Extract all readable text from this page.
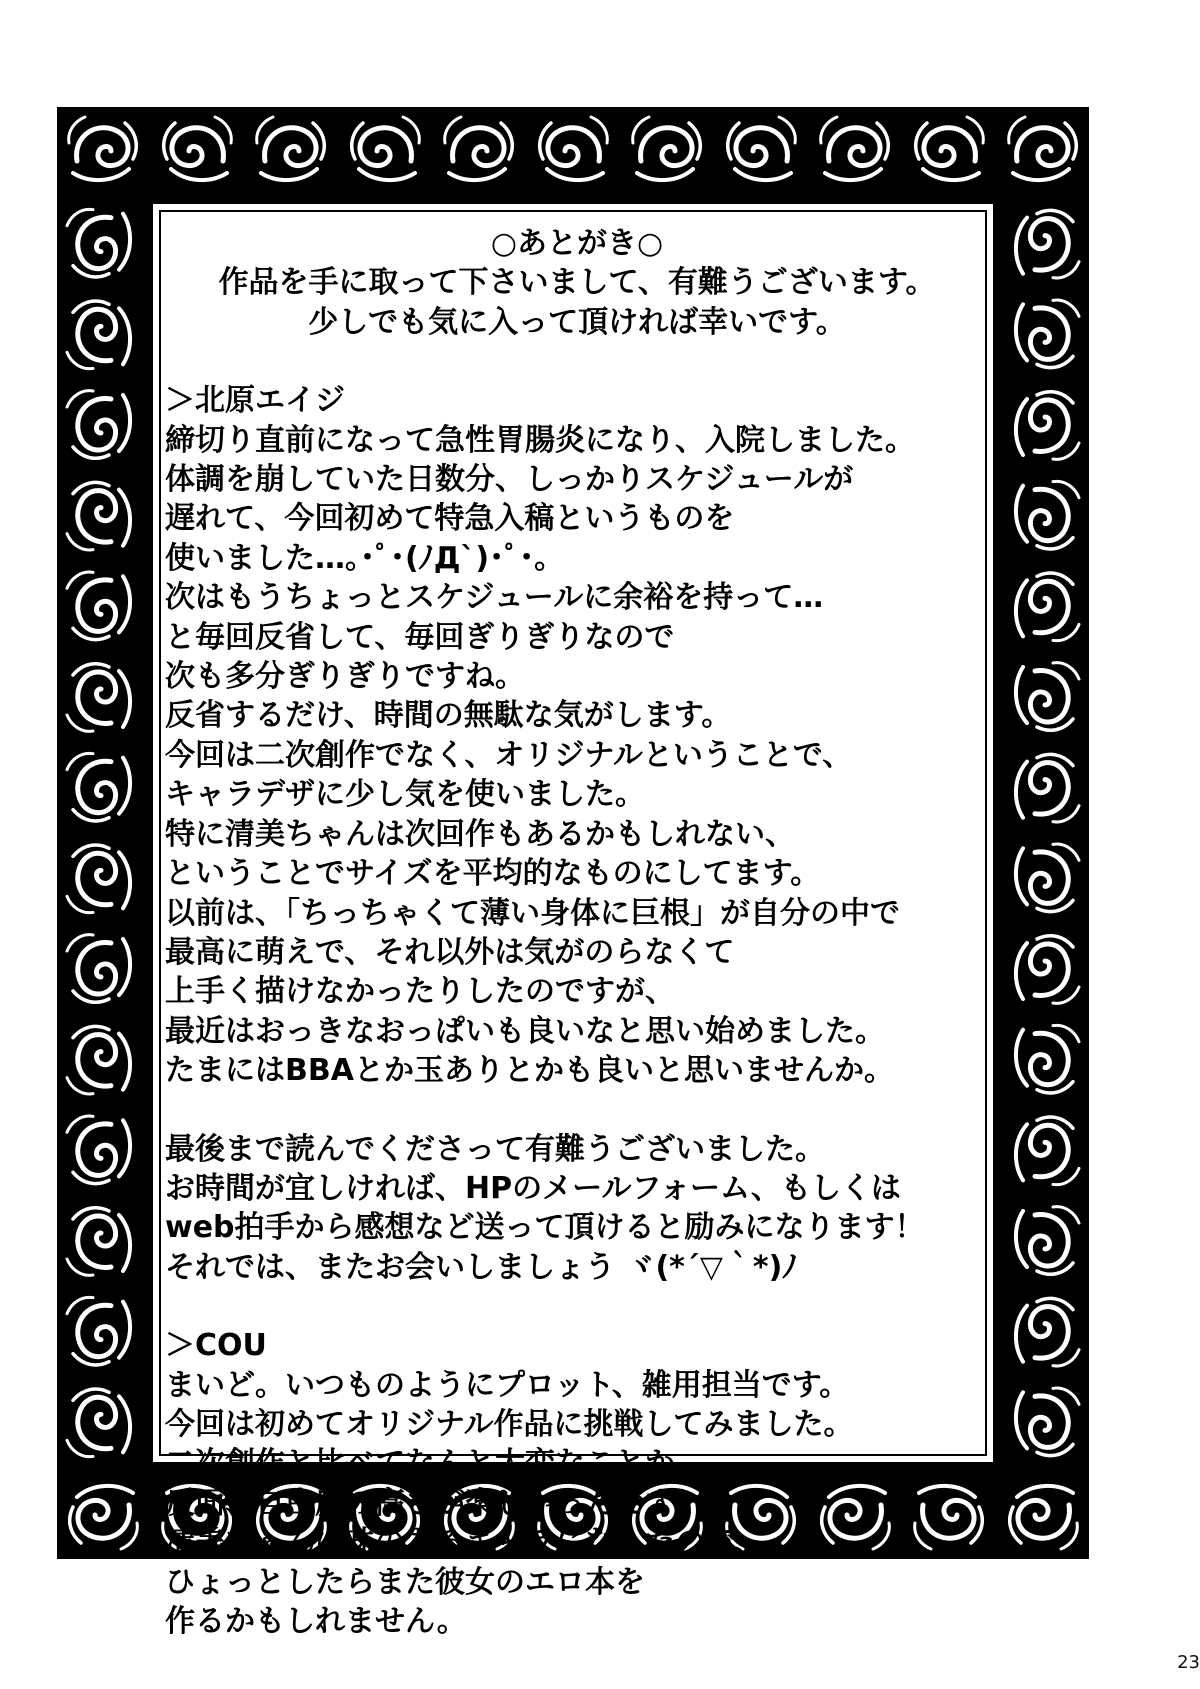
○あとがき○
作品を手に取って下さいまして、有難うございます。
少しでも気に入って頂ければ幸いです。
＞北原エイジ
締切り直前になって急性胃腸炎になり、入院しました。
体調を崩していた日数分、しっかりスケジュールが
遅れて、今回初めて特急入稿というものを
使いました…｡･ﾟ･(ﾉД`)･ﾟ･｡
次はもうちょっとスケジュールに余裕を持って…
と毎回反省して、毎回ぎりぎりなので
次も多分ぎりぎりですね。
反省するだけ、時間の無駄な気がします。
今回は二次創作でなく、オリジナルということで、
キャラデザに少し気を使いました。
特に清美ちゃんは次回作もあるかもしれない、
ということでサイズを平均的なものにしてます。
以前は、「ちっちゃくて薄い身体に巨根」が自分の中で
最高に萌えで、それ以外は気がのらなくて
上手く描けなかったりしたのですが、
最近はおっきなおっぱいも良いなと思い始めました。
たまにはBBAとか玉ありとかも良いと思いませんか。
最後まで読んでくださって有難うございました。
お時間が宜しければ、HPのメールフォーム、もしくは
web拍手から感想など送って頂けると励みになります！
それでは、またお会いしましょう ヾ(*´▽｀*)ﾉ
＞COU
まいど。いつものようにプロット、雑用担当です。
今回は初めてオリジナル作品に挑戦してみました。
二次創作と比べてなんと大変なことか……。
反面、自由度の高さが楽しかったです！
清美ちゃんは味のあるキャラになったので、
ひょっとしたらまた彼女のエロ本を
作るかもしれません。
23
